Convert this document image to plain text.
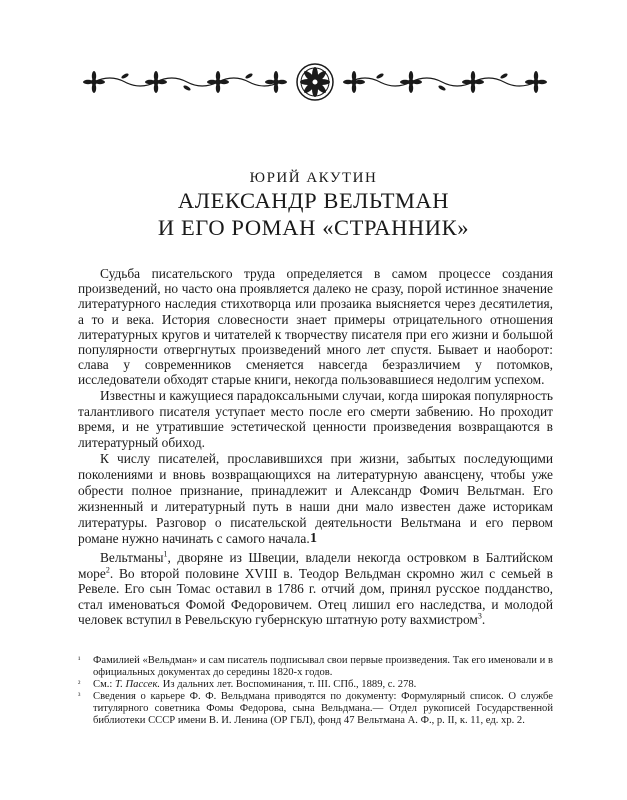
ЮРИЙ АКУТИН
АЛЕКСАНДР ВЕЛЬТМАН
И ЕГО РОМАН «СТРАННИК»

Судьба писательского труда определяется в самом процессе создания произведений, но часто она проявляется далеко не сразу, порой истинное значение литературного наследия стихотворца или прозаика выясняется через десятилетия, а то и века. История словесности знает примеры отрицательного отношения литературных кругов и читателей к творчеству писателя при его жизни и большой популярности отвергнутых произведений много лет спустя. Бывает и наоборот: слава у современников сменяется навсегда безразличием у потомков, исследователи обходят старые книги, некогда пользовавшиеся недолгим успехом.

Известны и кажущиеся парадоксальными случаи, когда широкая популярность талантливого писателя уступает место после его смерти забвению. Но проходит время, и не утратившие эстетической ценности произведения возвращаются в литературный обиход.

К числу писателей, прославившихся при жизни, забытых последующими поколениями и вновь возвращающихся на литературную авансцену, чтобы уже обрести полное признание, принадлежит и Александр Фомич Вельтман. Его жизненный и литературный путь в наши дни мало известен даже историкам литературы. Разговор о писательской деятельности Вельтмана и его первом романе нужно начинать с самого начала. 1

Вельтманы$^1$, дворяне из Швеции, владели некогда островком в Балтийском море$^2$. Во второй половине XVIII в. Теодор Вельдман скромно жил с семьей в Ревеле. Его сын Томас оставил в 1786 г. отчий дом, принял русское подданство, стал именоваться Фомой Федоровичем. Отец лишил его наследства, и молодой человек вступил в Ревельскую губернскую штатную роту вахмистром$^3$.

¹ Фамилией «Вельдман» и сам писатель подписывал свои первые произведения. Так его именовали и в официальных документах до середины 1820-х годов.

² См.: Т. Пассек. Из дальних лет. Воспоминания, т. III. СПб., 1889, с. 278.

³ Сведения о карьере Ф. Ф. Вельдмана приводятся по документу: Формулярный список. О службе титулярного советника Фомы Федорова, сына Вельдмана.— Отдел рукописей Государственной библиотеки СССР имени В. И. Ленина (ОР ГБЛ), фонд 47 Вельтмана А. Ф., р. II, к. 11, ед. хр. 2.
